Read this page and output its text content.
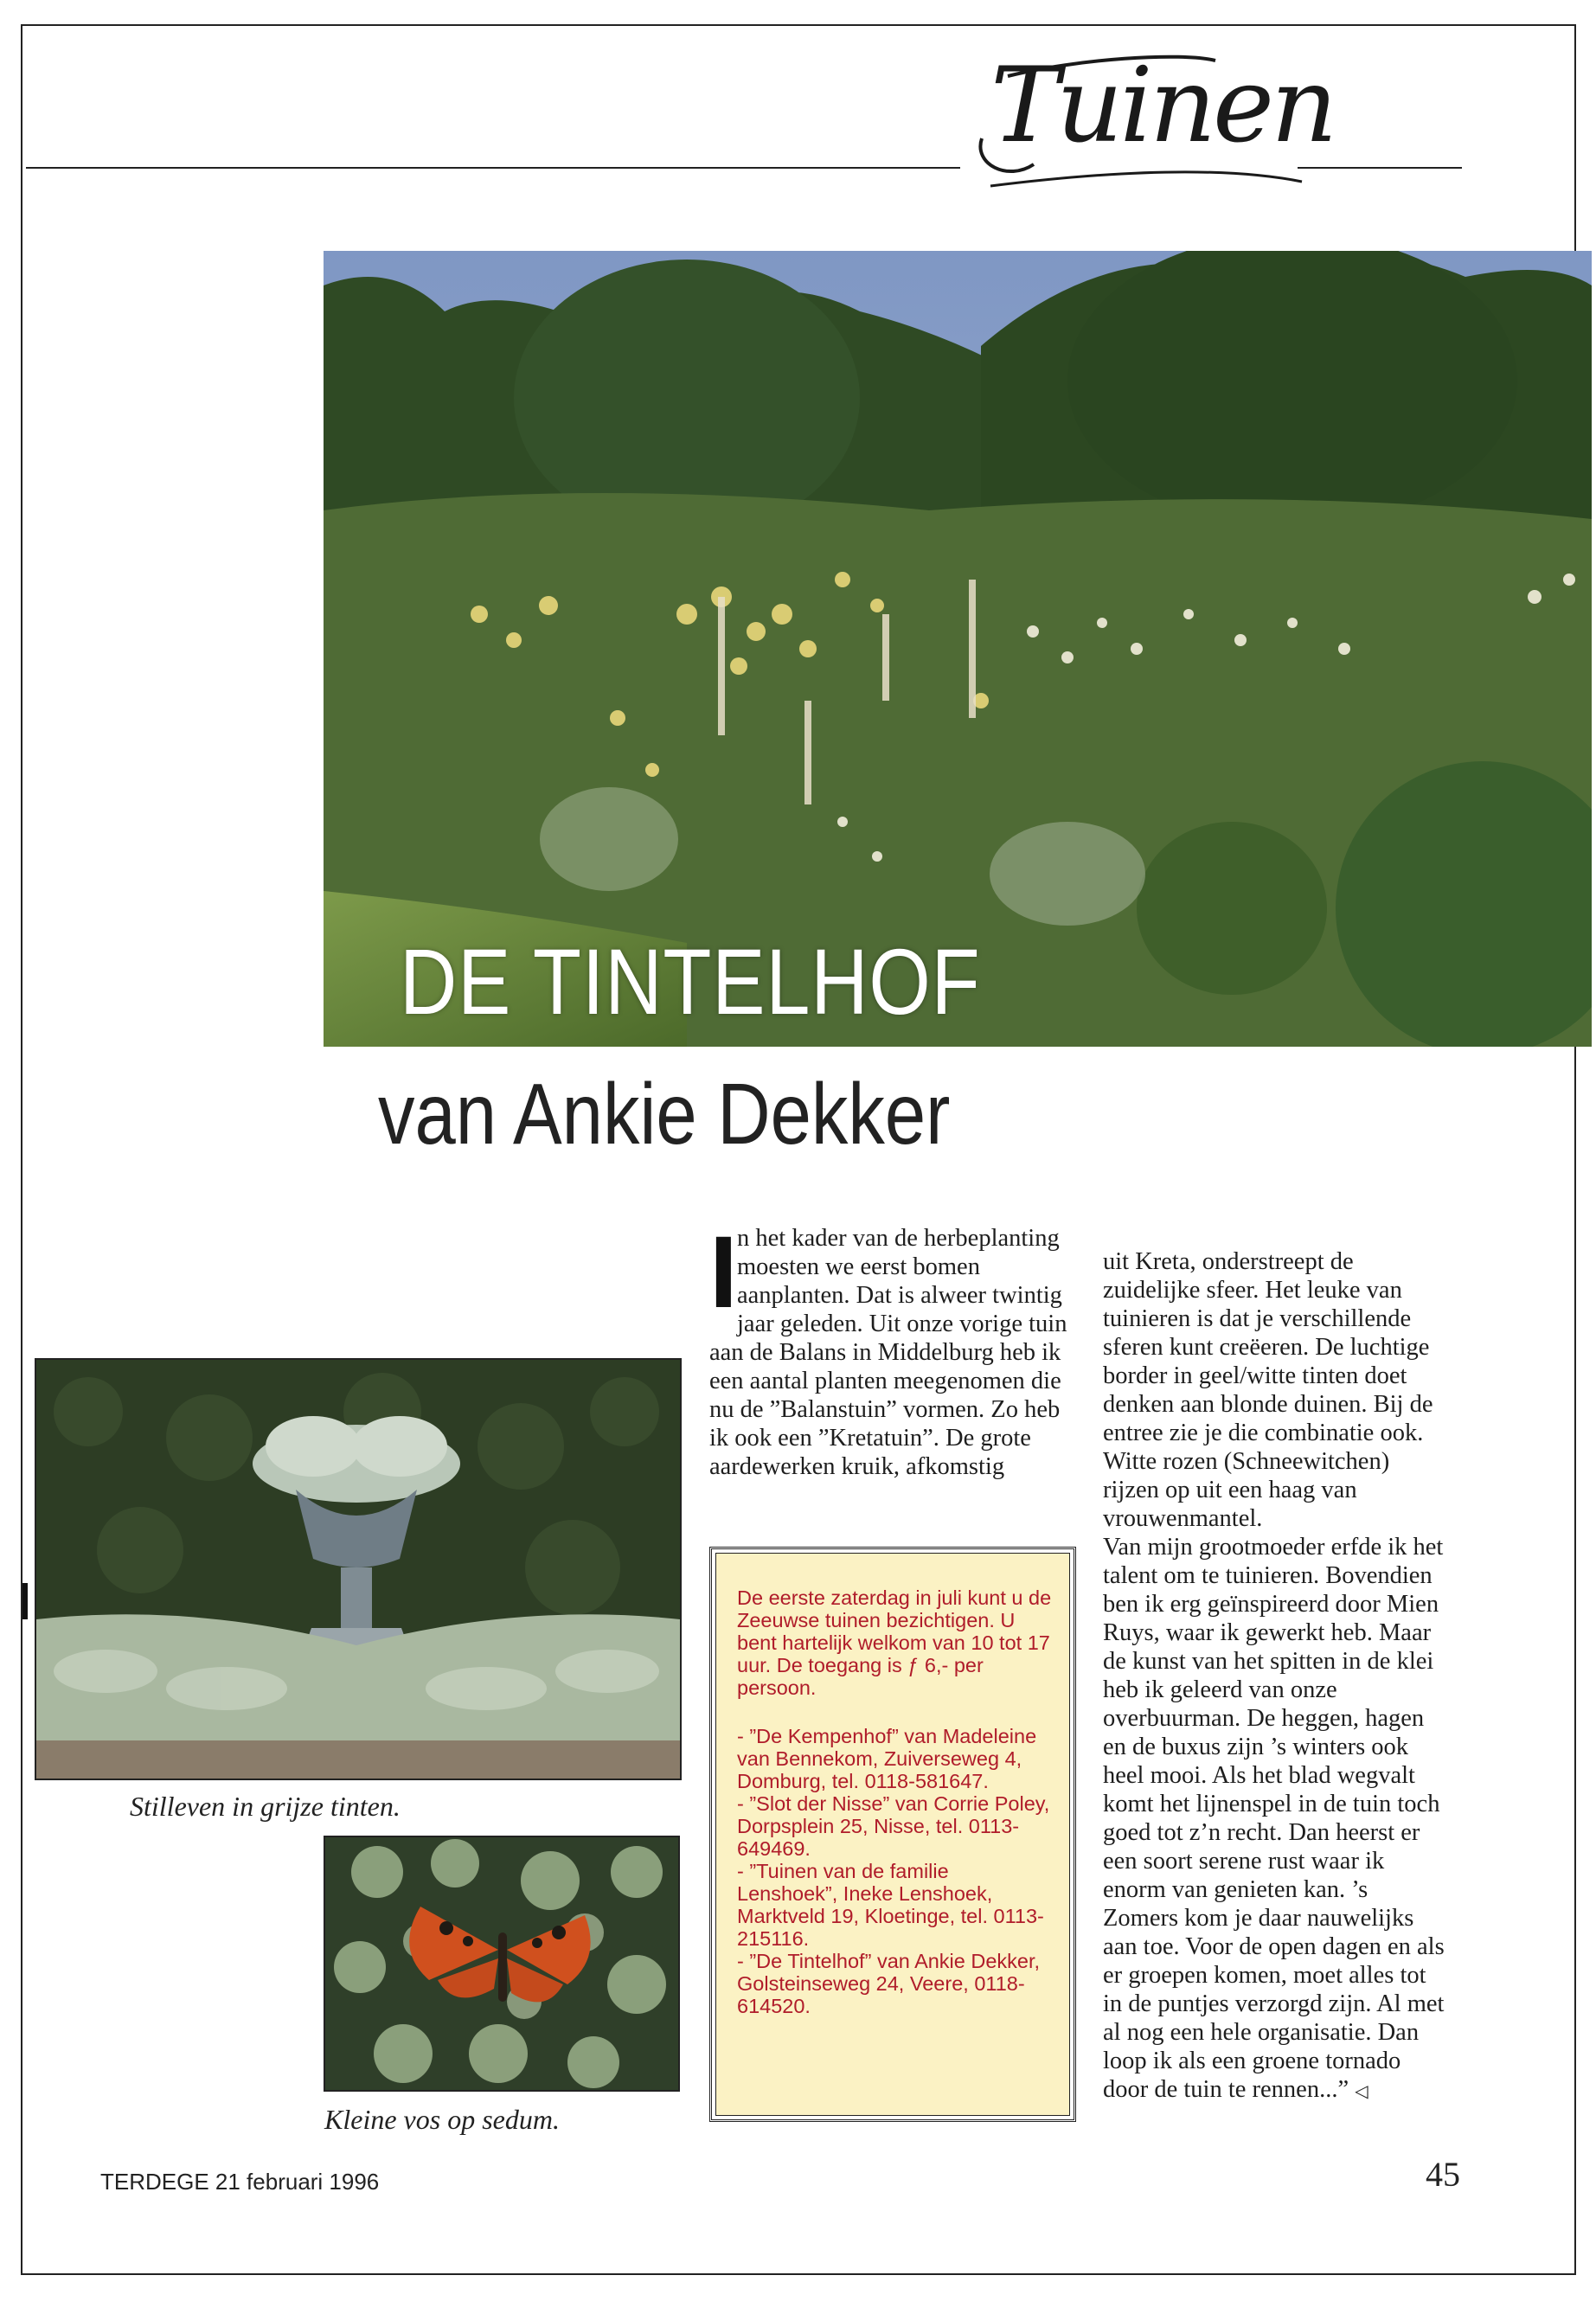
Tuinen
DE TINTELHOF
van Ankie Dekker
Stilleven in grijze tinten.
Kleine vos op sedum.

In het kader van de herbeplanting moesten we eerst bomen aanplanten. Dat is alweer twintig jaar geleden. Uit onze vorige tuin aan de Balans in Middelburg heb ik een aantal planten meegenomen die nu de ”Balanstuin” vormen. Zo heb ik ook een ”Kretatuin”. De grote aardewerken kruik, afkomstig

De eerste zaterdag in juli kunt u de Zeeuwse tuinen bezichtigen. U bent hartelijk welkom van 10 tot 17 uur. De toegang is ƒ 6,- per persoon.

- ”De Kempenhof” van Madeleine van Bennekom, Zuiverseweg 4, Domburg, tel. 0118-581647.

- ”Slot der Nisse” van Corrie Poley, Dorpsplein 25, Nisse, tel. 0113-649469.

- ”Tuinen van de familie Lenshoek”, Ineke Lenshoek, Marktveld 19, Kloetinge, tel. 0113-215116.

- ”De Tintelhof” van Ankie Dekker, Golsteinseweg 24, Veere, 0118-614520.

uit Kreta, onderstreept de zuidelijke sfeer. Het leuke van tuinieren is dat je verschillende sferen kunt creëeren. De luchtige border in geel/witte tinten doet denken aan blonde duinen. Bij de entree zie je die combinatie ook. Witte rozen (Schneewitchen) rijzen op uit een haag van vrouwenmantel.

Van mijn grootmoeder erfde ik het talent om te tuinieren. Bovendien ben ik erg geïnspireerd door Mien Ruys, waar ik gewerkt heb. Maar de kunst van het spitten in de klei heb ik geleerd van onze overbuurman. De heggen, hagen en de buxus zijn ’s winters ook heel mooi. Als het blad wegvalt komt het lijnenspel in de tuin toch goed tot z’n recht. Dan heerst er een soort serene rust waar ik enorm van genieten kan. ’s Zomers kom je daar nauwelijks aan toe. Voor de open dagen en als er groepen komen, moet alles tot in de puntjes verzorgd zijn. Al met al nog een hele organisatie. Dan loop ik als een groene tornado door de tuin te rennen...” ◁

TERDEGE 21 februari 1996	45
